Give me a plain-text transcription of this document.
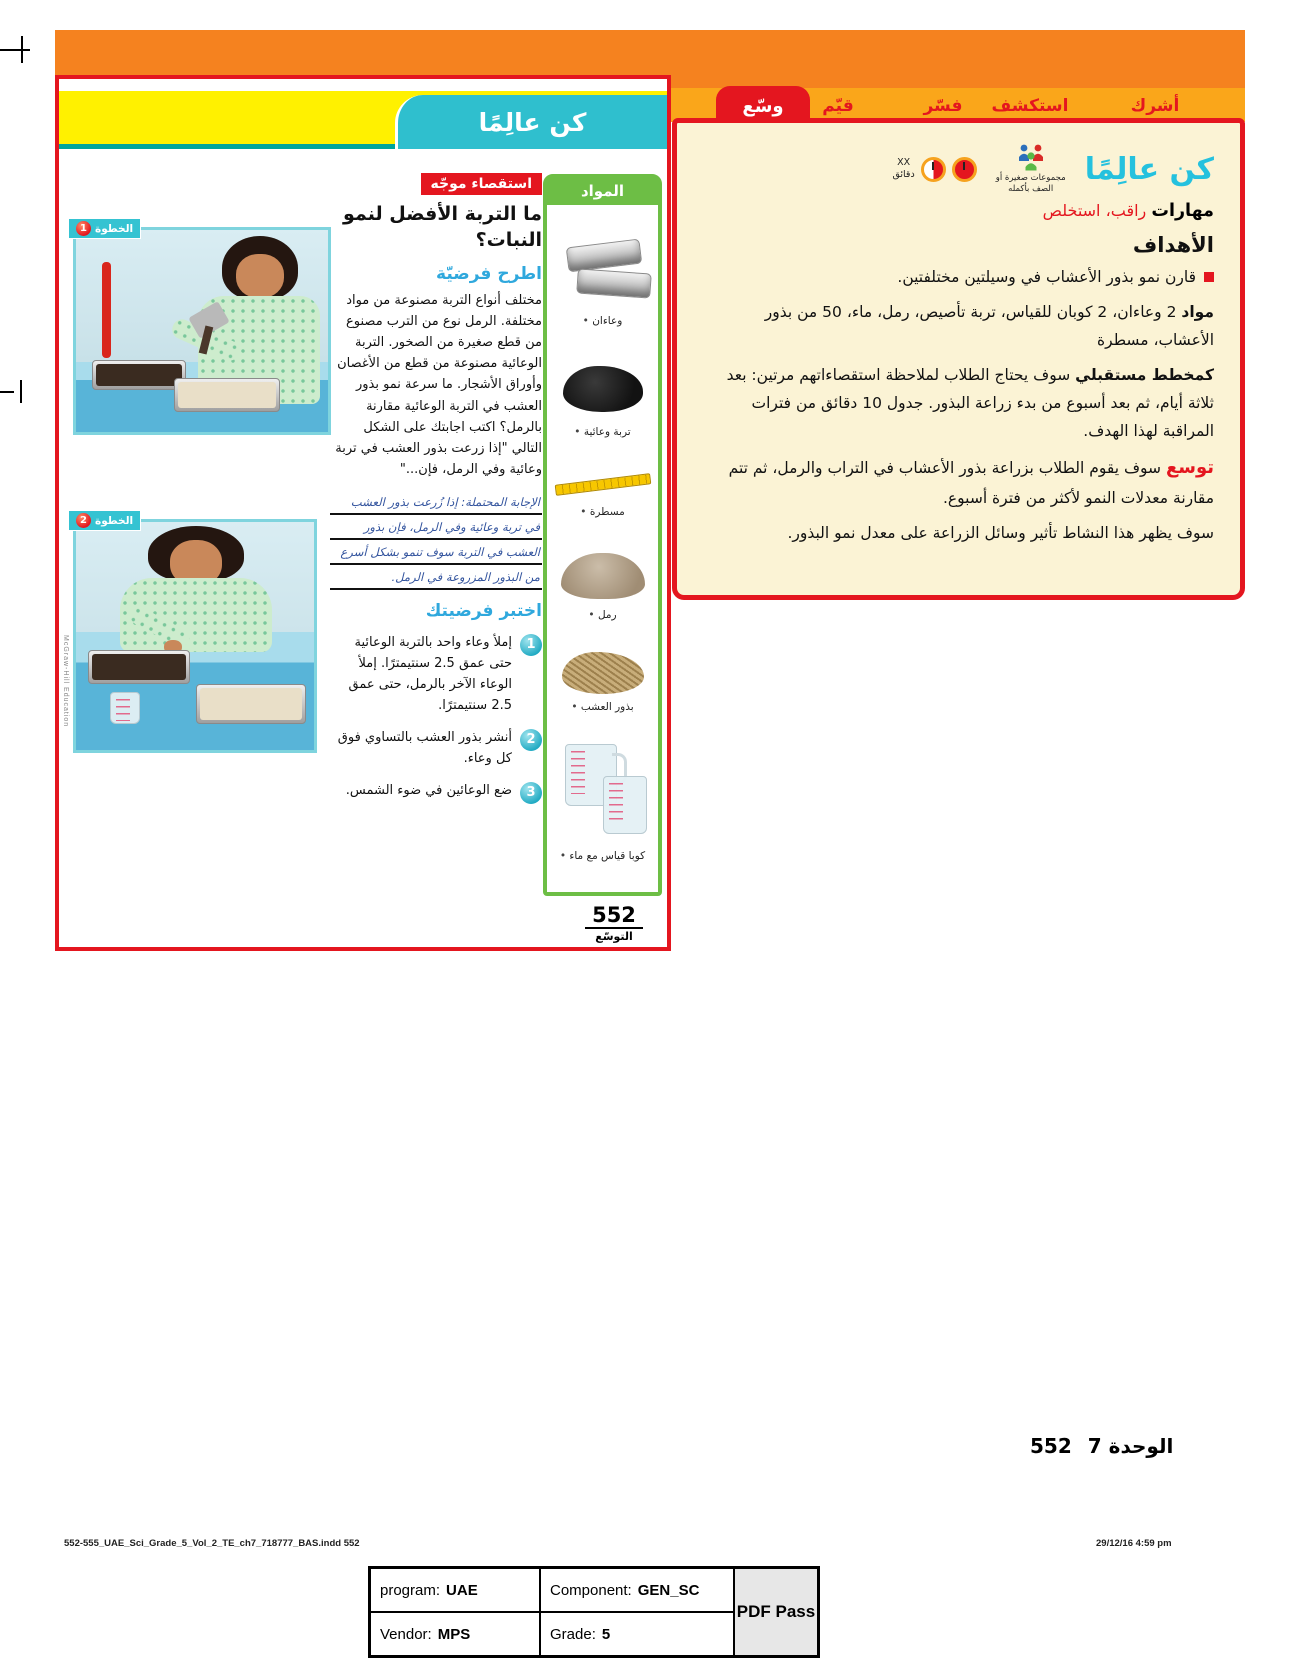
أشرك
استكشف
فسّر
قيّم
وسّع
كن عالِمًا
مجموعات صغيرة أو الصف بأكمله
XX
دقائق

مهارات راقب، استخلص

الأهداف

قارن نمو بذور الأعشاب في وسيلتين مختلفتين.

مواد 2 وعاءان، 2 كوبان للقياس، تربة تأصيص، رمل، ماء، 50 من بذور الأعشاب، مسطرة

كمخطط مستقبلي سوف يحتاج الطلاب لملاحظة استقصاءاتهم مرتين: بعد ثلاثة أيام، ثم بعد أسبوع من بدء زراعة البذور. جدول 10 دقائق من فترات المراقبة لهذا الهدف.

توسع سوف يقوم الطلاب بزراعة بذور الأعشاب في التراب والرمل، ثم تتم مقارنة معدلات النمو لأكثر من فترة أسبوع.

سوف يظهر هذا النشاط تأثير وسائل الزراعة على معدل نمو البذور.

كن عالِمًا
McGraw-Hill Education
المواد
وعاءان •
تربة وعائية •
مسطرة •
رمل •
بذور العشب •
كوبا قياس مع ماء •
استقصاء موجّه
ما التربة الأفضل لنمو النبات؟
اطرح فرضيّة

مختلف أنواع التربة مصنوعة من مواد مختلفة. الرمل نوع من الترب مصنوع من قطع صغيرة من الصخور. التربة الوعائية مصنوعة من قطع من الأغصان وأوراق الأشجار. ما سرعة نمو بذور العشب في التربة الوعائية مقارنة بالرمل؟ اكتب اجابتك على الشكل التالي "إذا زرعت بذور العشب في تربة وعائية وفي الرمل، فإن..."

الإجابة المحتملة: إذا زُرعت بذور العشب في تربة وعائية وفي الرمل، فإن بذور العشب في التربة سوف تنمو بشكل أسرع من البذور المزروعة في الرمل.

اختبر فرضيتك
1
إملأ وعاء واحد بالتربة الوعائية حتى عمق 2.5 سنتيمترًا. إملأ الوعاء الآخر بالرمل، حتى عمق 2.5 سنتيمترًا.
2
أنشر بذور العشب بالتساوي فوق كل وعاء.
3
ضع الوعائين في ضوء الشمس.
الخطوة
1
الخطوة
2
552
التوسّع
552 الوحدة 7
552-555_UAE_Sci_Grade_5_Vol_2_TE_ch7_718777_BAS.indd 552	29/12/16 4:59 pm
program: UAE	Component: GEN_SC
PDF Pass
Vendor: MPS	Grade: 5
